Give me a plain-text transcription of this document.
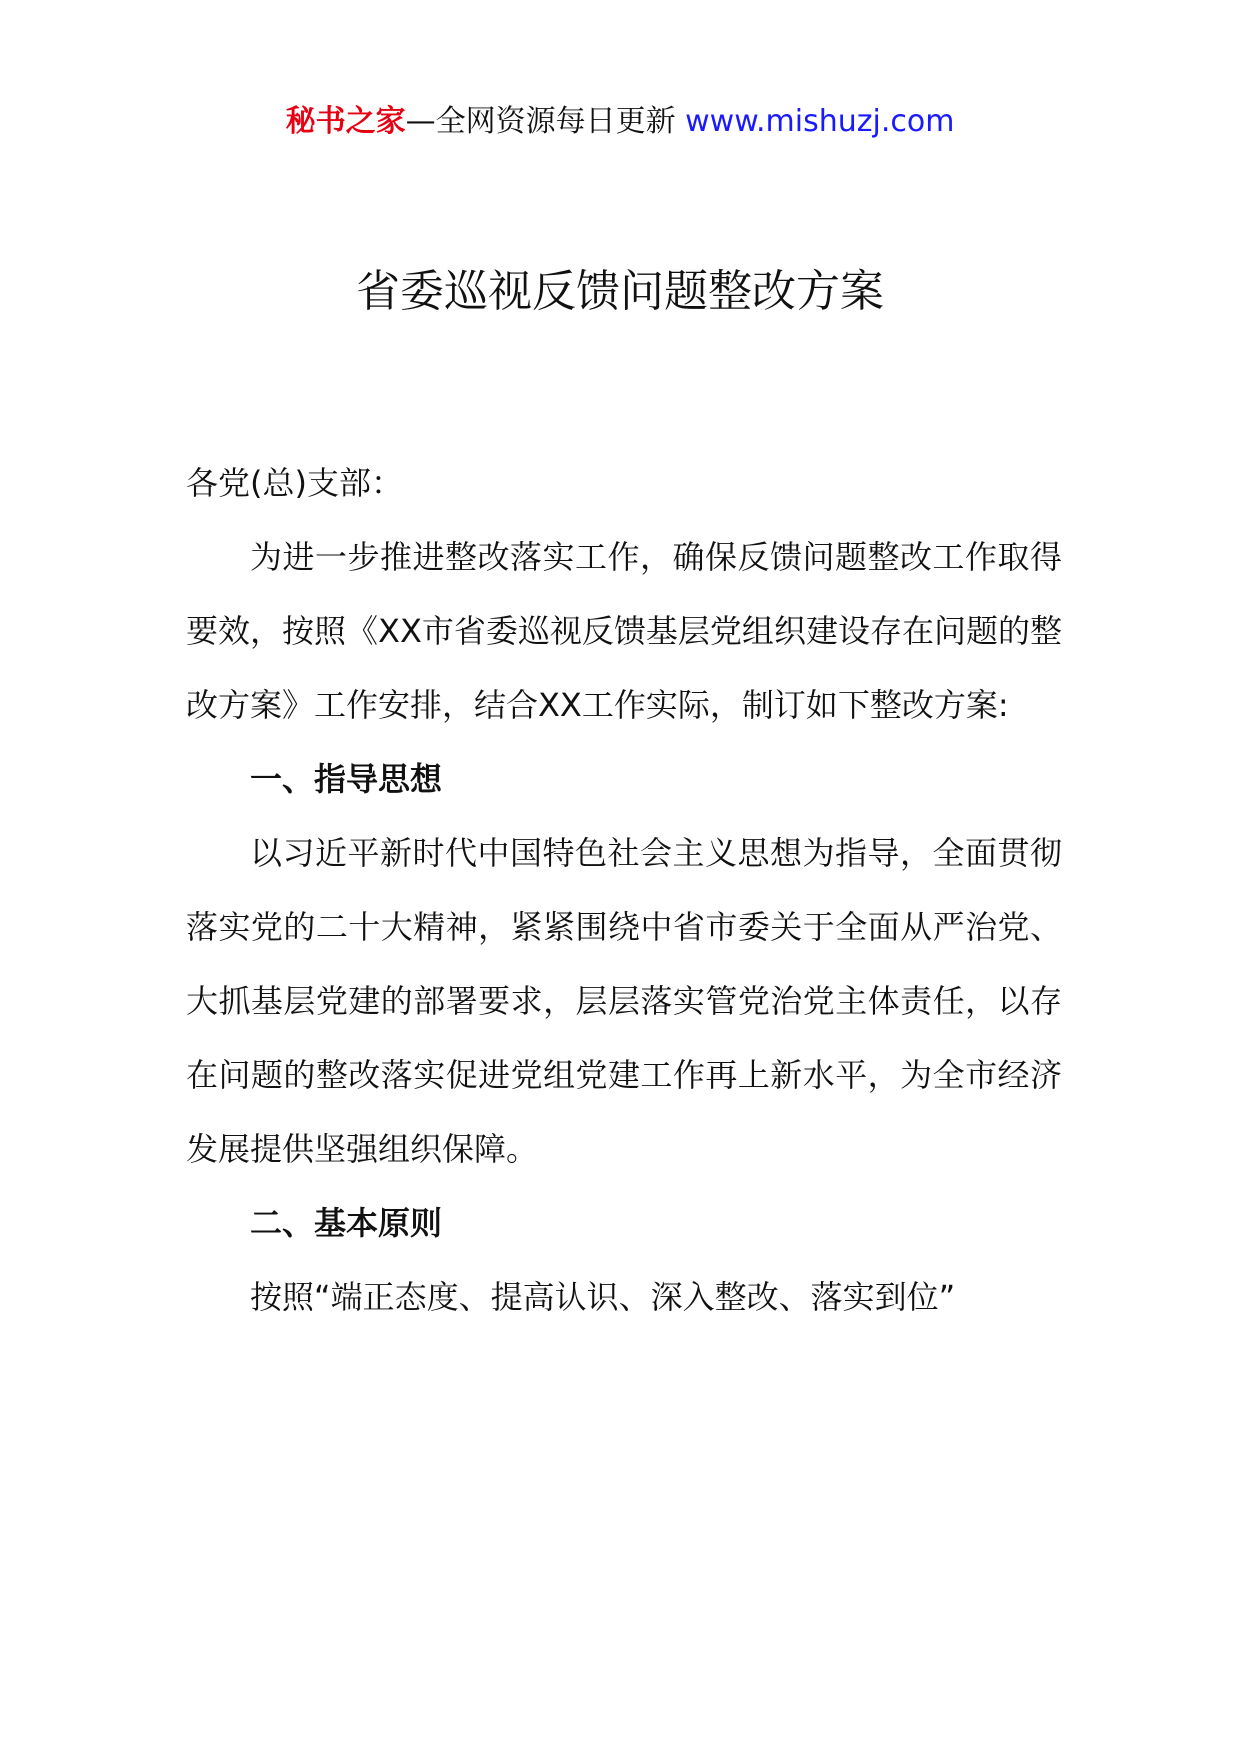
秘书之家—全网资源每日更新 www.mishuzj.com
省委巡视反馈问题整改方案

各党(总)支部：

为进一步推进整改落实工作，确保反馈问题整改工作取得要效，按照《XX市省委巡视反馈基层党组织建设存在问题的整改方案》工作安排，结合XX工作实际，制订如下整改方案:

一、指导思想

以习近平新时代中国特色社会主义思想为指导，全面贯彻落实党的二十大精神，紧紧围绕中省市委关于全面从严治党、大抓基层党建的部署要求，层层落实管党治党主体责任，以存在问题的整改落实促进党组党建工作再上新水平，为全市经济发展提供坚强组织保障。

二、基本原则

按照“端正态度、提高认识、深入整改、落实到位”
